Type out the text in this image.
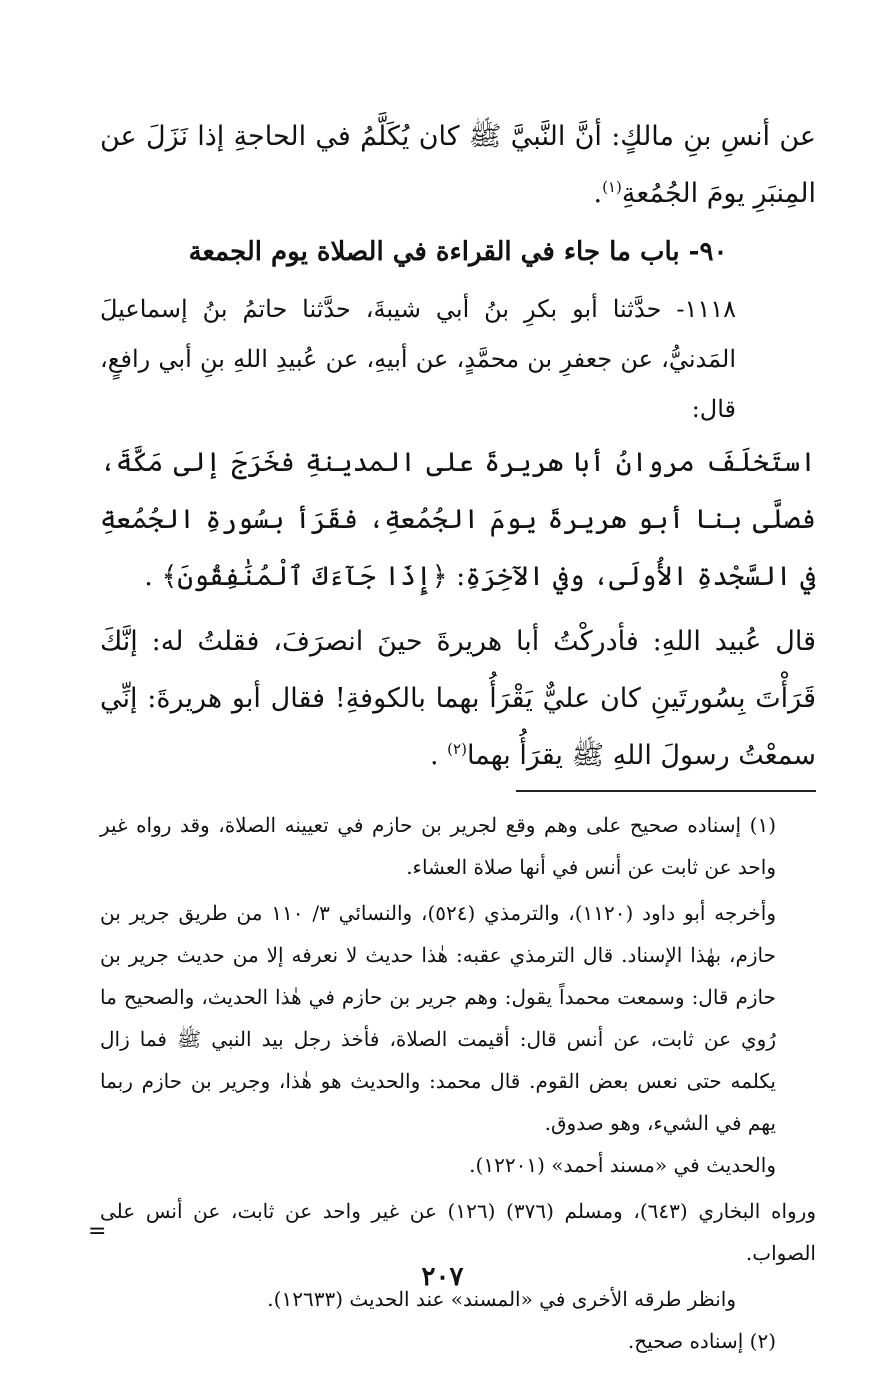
عن أنسِ بنِ مالكٍ: أنَّ النَّبيَّ ﷺ كان يُكَلَّمُ في الحاجةِ إذا نَزَلَ عن المِنبَرِ يومَ الجُمُعةِ$^{(١)}$.

٩٠- باب ما جاء في القراءة في الصلاة يوم الجمعة

١١١٨- حدَّثنا أبو بكرِ بنُ أبي شيبةَ، حدَّثنا حاتمُ بنُ إسماعيلَ المَدنيُّ، عن جعفرِ بن محمَّدٍ، عن أبيهِ، عن عُبيدِ اللهِ بنِ أبي رافعٍ، قال:

استَخلَفَ مروانُ أبا هريرةَ على المدينةِ فخَرَجَ إلى مَكَّةَ، فصلَّى بنا أبو هريرةَ يومَ الجُمُعةِ، فقَرَأ بسُورةِ الجُمُعةِ في السَّجْدةِ الأُولَى، وفي الآخِرَةِ: ﴿إِذَا جَآءَكَ ٱلْمُنَٰفِقُونَ﴾ .

قال عُبيد اللهِ: فأدركْتُ أبا هريرةَ حينَ انصرَفَ، فقلتُ له: إنَّكَ قَرَأْتَ بِسُورتَينِ كان عليٌّ يَقْرَأُ بهما بالكوفةِ! فقال أبو هريرةَ: إنِّي سمعْتُ رسولَ اللهِ ﷺ يقرَأُ بهما$^{(٢)}$ .

(١) إسناده صحيح على وهم وقع لجرير بن حازم في تعيينه الصلاة، وقد رواه غير واحد عن ثابت عن أنس في أنها صلاة العشاء.

وأخرجه أبو داود (١١٢٠)، والترمذي (٥٢٤)، والنسائي ٣/ ١١٠ من طريق جرير بن حازم، بهٰذا الإسناد. قال الترمذي عقبه: هٰذا حديث لا نعرفه إلا من حديث جرير بن حازم قال: وسمعت محمداً يقول: وهم جرير بن حازم في هٰذا الحديث، والصحيح ما رُوي عن ثابت، عن أنس قال: أقيمت الصلاة، فأخذ رجل بيد النبي ﷺ فما زال يكلمه حتى نعس بعض القوم. قال محمد: والحديث هو هٰذا، وجرير بن حازم ربما يهم في الشيء، وهو صدوق.

والحديث في «مسند أحمد» (١٢٢٠١).

ورواه البخاري (٦٤٣)، ومسلم (٣٧٦) (١٢٦) عن غير واحد عن ثابت، عن أنس على الصواب.

وانظر طرقه الأخرى في «المسند» عند الحديث (١٢٦٣٣).

(٢) إسناده صحيح.

=
٢٠٧
